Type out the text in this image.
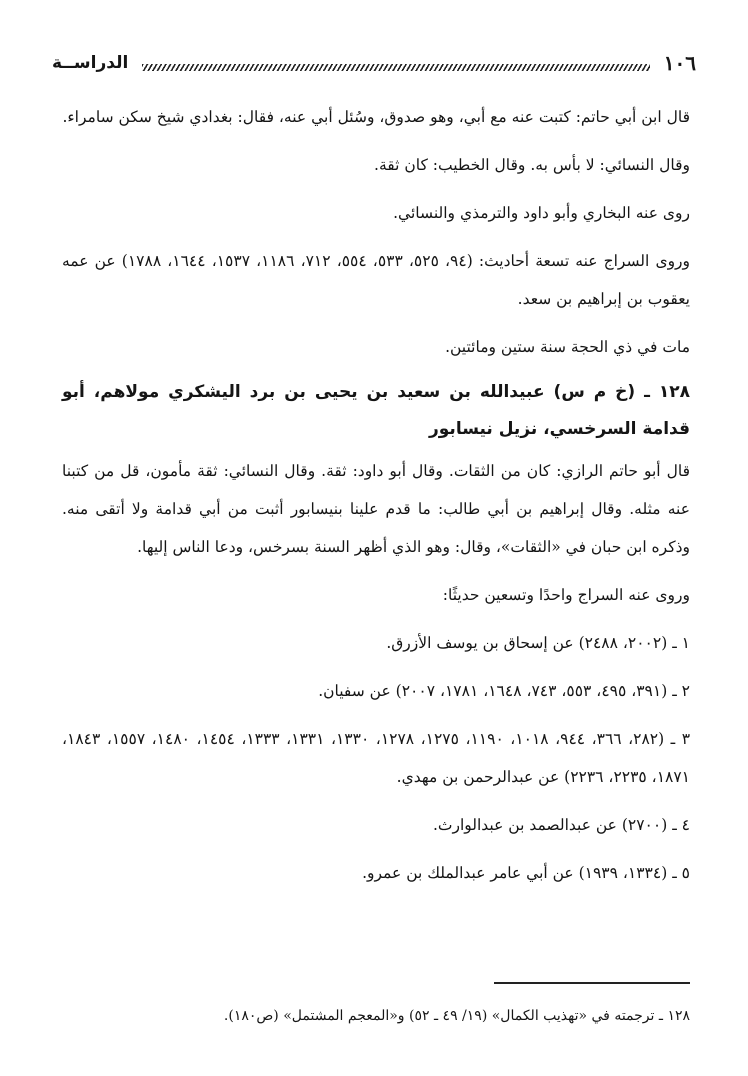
١٠٦
الدراســة

قال ابن أبي حاتم: كتبت عنه مع أبي، وهو صدوق، وسُئل أبي عنه، فقال: بغدادي شيخ سكن سامراء.

وقال النسائي: لا بأس به. وقال الخطيب: كان ثقة.

روى عنه البخاري وأبو داود والترمذي والنسائي.

وروى السراج عنه تسعة أحاديث: (٩٤، ٥٢٥، ٥٣٣، ٥٥٤، ٧١٢، ١١٨٦، ١٥٣٧، ١٦٤٤، ١٧٨٨) عن عمه يعقوب بن إبراهيم بن سعد.

مات في ذي الحجة سنة ستين ومائتين.

١٢٨ ـ (خ م س) عبيدالله بن سعيد بن يحيى بن برد اليشكري مولاهم، أبو قدامة السرخسي، نزيل نيسابور

قال أبو حاتم الرازي: كان من الثقات. وقال أبو داود: ثقة. وقال النسائي: ثقة مأمون، قل من كتبنا عنه مثله. وقال إبراهيم بن أبي طالب: ما قدم علينا بنيسابور أثبت من أبي قدامة ولا أتقى منه. وذكره ابن حبان في «الثقات»، وقال: وهو الذي أظهر السنة بسرخس، ودعا الناس إليها.

وروى عنه السراج واحدًا وتسعين حديثًا:

١ ـ (٢٠٠٢، ٢٤٨٨) عن إسحاق بن يوسف الأزرق.

٢ ـ (٣٩١، ٤٩٥، ٥٥٣، ٧٤٣، ١٦٤٨، ١٧٨١، ٢٠٠٧) عن سفيان.

٣ ـ (٢٨٢، ٣٦٦، ٩٤٤، ١٠١٨، ١١٩٠، ١٢٧٥، ١٢٧٨، ١٣٣٠، ١٣٣١، ١٣٣٣، ١٤٥٤، ١٤٨٠، ١٥٥٧، ١٨٤٣، ١٨٧١، ٢٢٣٥، ٢٢٣٦) عن عبدالرحمن بن مهدي.

٤ ـ (٢٧٠٠) عن عبدالصمد بن عبدالوارث.

٥ ـ (١٣٣٤، ١٩٣٩) عن أبي عامر عبدالملك بن عمرو.

١٢٨ ـ ترجمته في «تهذيب الكمال» (١٩/ ٤٩ ـ ٥٢) و«المعجم المشتمل» (ص١٨٠).
